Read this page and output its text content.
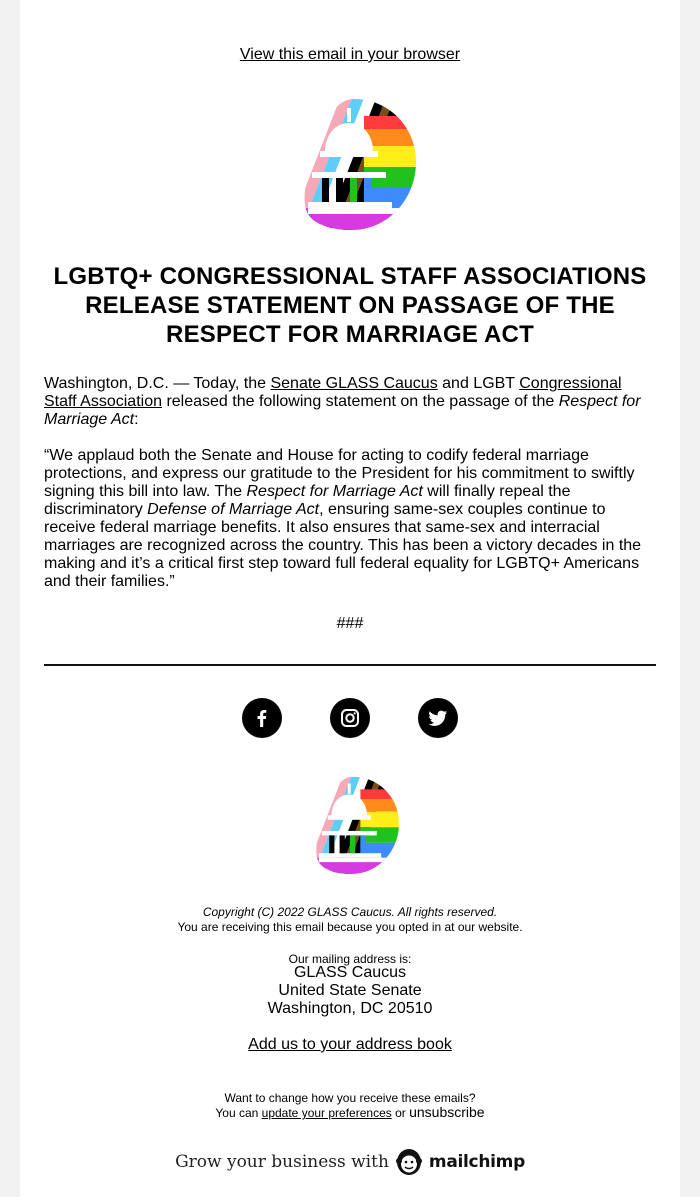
View this email in your browser
LGBTQ+ CONGRESSIONAL STAFF ASSOCIATIONS
RELEASE STATEMENT ON PASSAGE OF THE
RESPECT FOR MARRIAGE ACT

Washington, D.C. — Today, the Senate GLASS Caucus and LGBT Congressional Staff Association released the following statement on the passage of the Respect for Marriage Act:

“We applaud both the Senate and House for acting to codify federal marriage protections, and express our gratitude to the President for his commitment to swiftly signing this bill into law. The Respect for Marriage Act will finally repeal the discriminatory Defense of Marriage Act, ensuring same-sex couples continue to receive federal marriage benefits. It also ensures that same-sex and interracial marriages are recognized across the country. This has been a victory decades in the making and it’s a critical first step toward full federal equality for LGBTQ+ Americans and their families.”

###
Copyright (C) 2022 GLASS Caucus. All rights reserved.
You are receiving this email because you opted in at our website.
Our mailing address is:
GLASS Caucus
United State Senate
Washington, DC 20510
Add us to your address book
Want to change how you receive these emails?
You can update your preferences or unsubscribe
Grow your business with mailchimp
